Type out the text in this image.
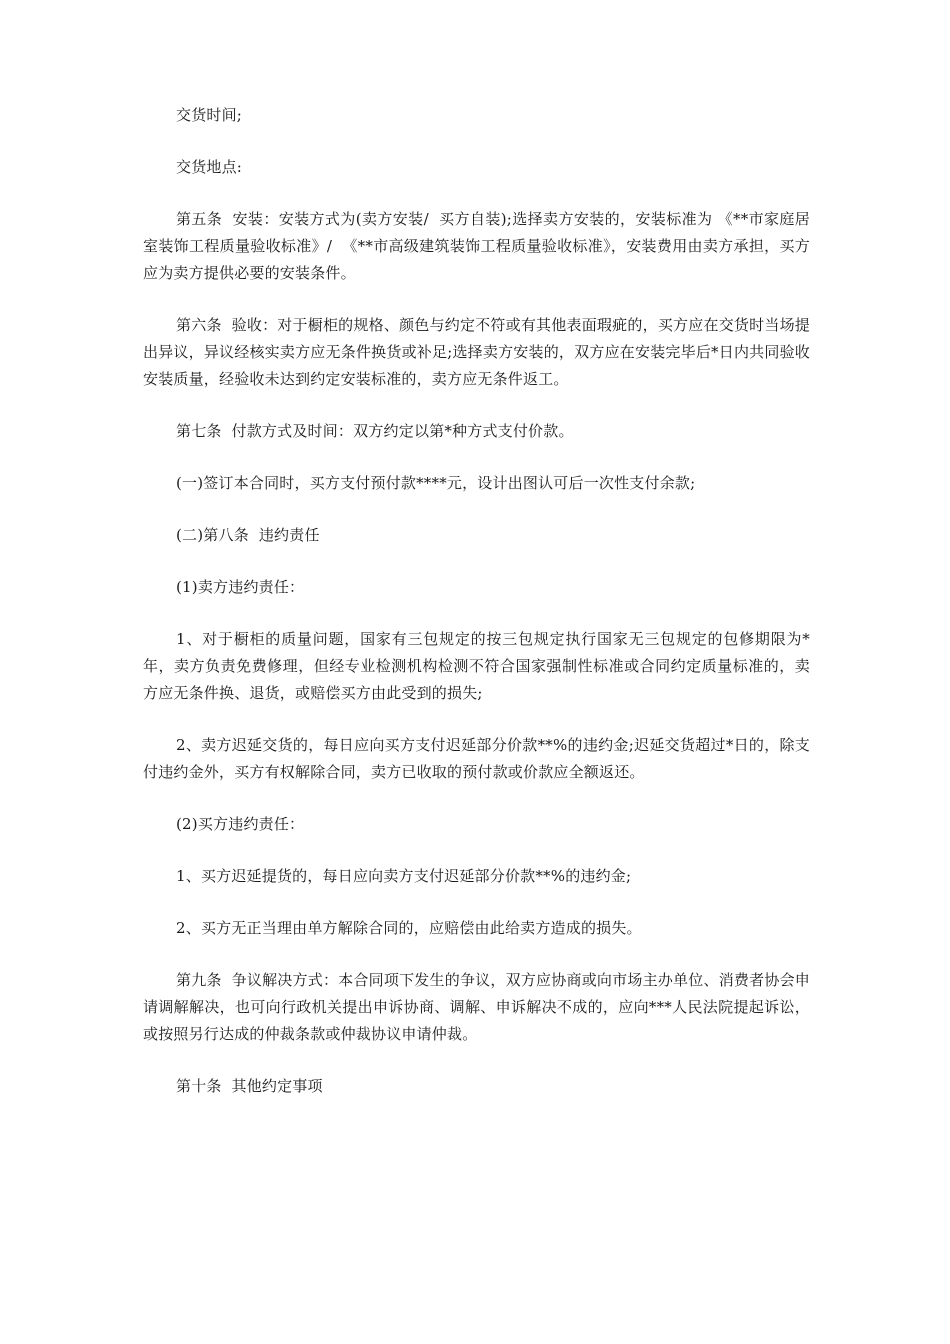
交货时间;

交货地点:

第五条  安装：安装方式为(卖方安装/  买方自装);选择卖方安装的，安装标准为 《**市家庭居室装饰工程质量验收标准》/  《**市高级建筑装饰工程质量验收标准》，安装费用由卖方承担，买方应为卖方提供必要的安装条件。

第六条  验收：对于橱柜的规格、颜色与约定不符或有其他表面瑕疵的，买方应在交货时当场提出异议，异议经核实卖方应无条件换货或补足;选择卖方安装的，双方应在安装完毕后*日内共同验收安装质量，经验收未达到约定安装标准的，卖方应无条件返工。

第七条  付款方式及时间：双方约定以第*种方式支付价款。

(一)签订本合同时，买方支付预付款****元，设计出图认可后一次性支付余款;

(二)第八条  违约责任

(1)卖方违约责任：

1、对于橱柜的质量问题，国家有三包规定的按三包规定执行国家无三包规定的包修期限为*年，卖方负责免费修理，但经专业检测机构检测不符合国家强制性标准或合同约定质量标准的，卖方应无条件换、退货，或赔偿买方由此受到的损失;

2、卖方迟延交货的，每日应向买方支付迟延部分价款**%的违约金;迟延交货超过*日的，除支付违约金外，买方有权解除合同，卖方已收取的预付款或价款应全额返还。

(2)买方违约责任：

1、买方迟延提货的，每日应向卖方支付迟延部分价款**%的违约金;

2、买方无正当理由单方解除合同的，应赔偿由此给卖方造成的损失。

第九条  争议解决方式：本合同项下发生的争议，双方应协商或向市场主办单位、消费者协会申请调解解决，也可向行政机关提出申诉协商、调解、申诉解决不成的，应向***人民法院提起诉讼，或按照另行达成的仲裁条款或仲裁协议申请仲裁。

第十条  其他约定事项
